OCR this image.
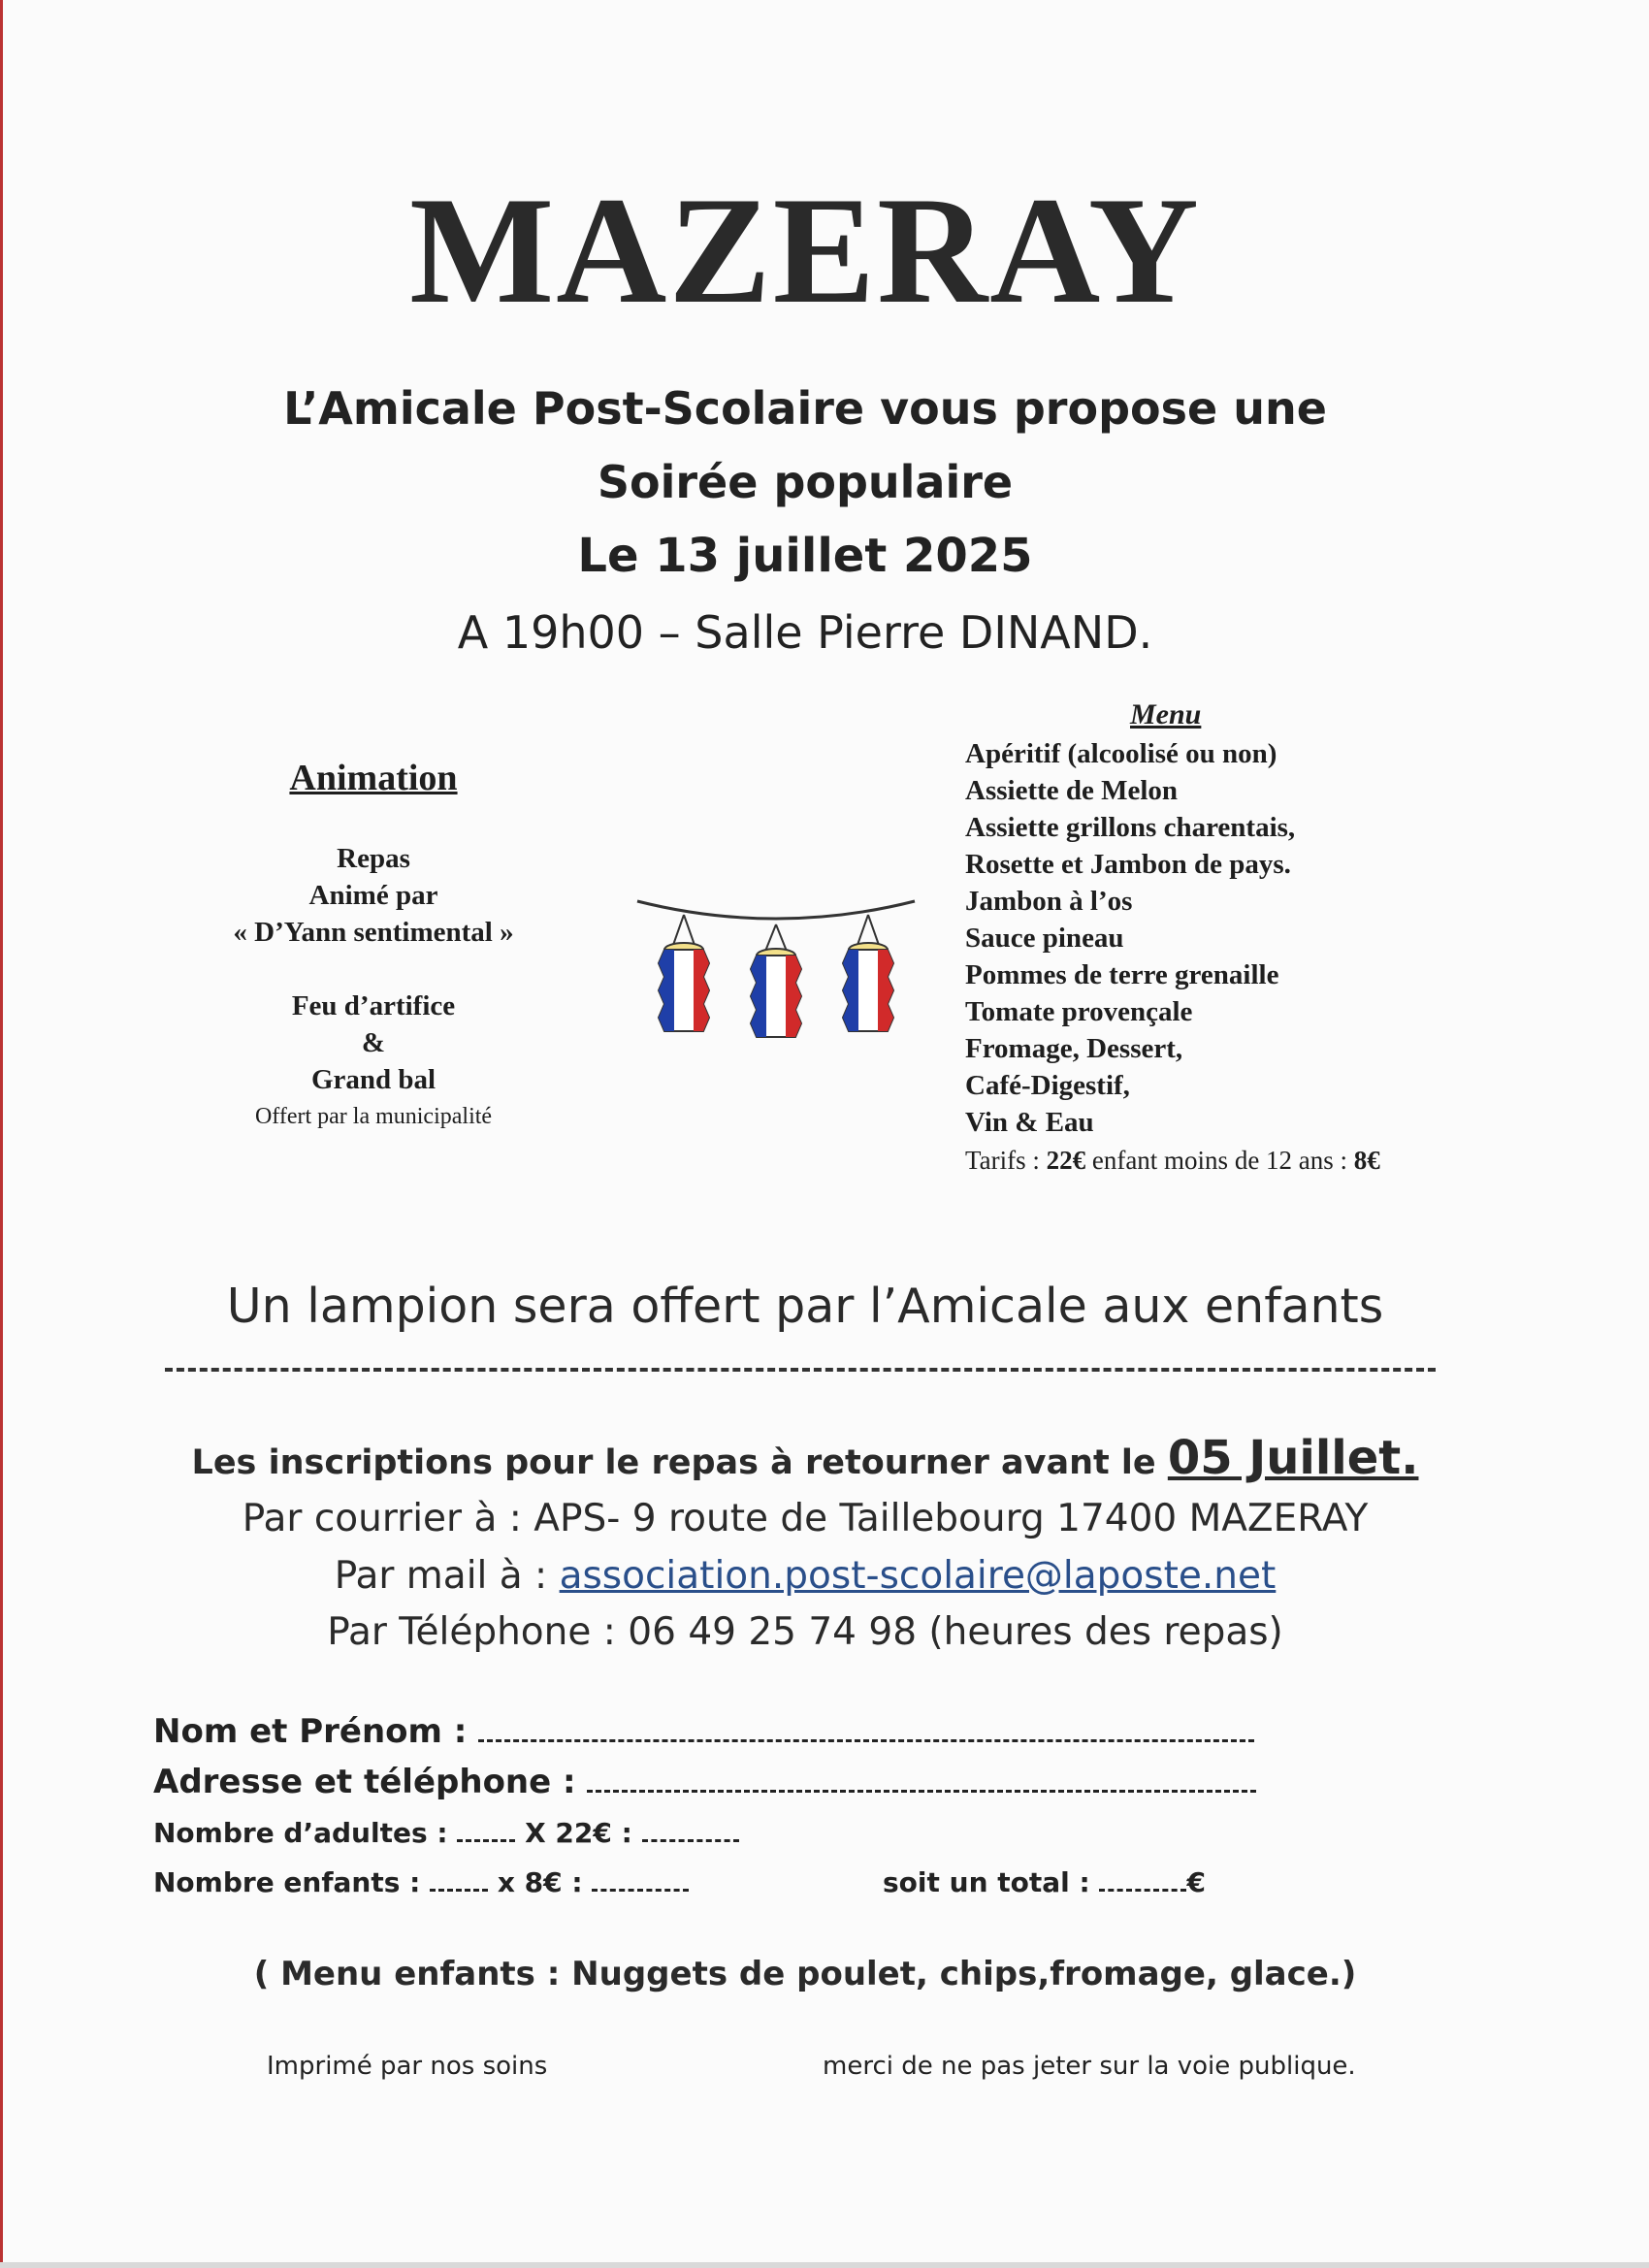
MAZERAY
L’Amicale Post-Scolaire vous propose une
Soirée populaire
Le 13 juillet 2025
A 19h00 – Salle Pierre DINAND.
Animation
Repas
Animé par
« D’Yann sentimental »
Feu d’artifice
&
Grand bal
Offert par la municipalité
Menu
Apéritif (alcoolisé ou non)
Assiette de Melon
Assiette grillons charentais,
Rosette et Jambon de pays.
Jambon à l’os
Sauce pineau
Pommes de terre grenaille
Tomate provençale
Fromage, Dessert,
Café-Digestif,
Vin & Eau
Tarifs : 22€ enfant moins de 12 ans : 8€
Un lampion sera offert par l’Amicale aux enfants
Les inscriptions pour le repas à retourner avant le 05 Juillet.
Par courrier à : APS- 9 route de Taillebourg 17400 MAZERAY
Par mail à : association.post-scolaire@laposte.net
Par Téléphone : 06 49 25 74 98 (heures des repas)
Nom et Prénom :
Adresse et téléphone :
Nombre d’adultes :	X 22€ :
Nombre enfants :	x 8€ :	soit un total :	€
( Menu enfants : Nuggets de poulet, chips,fromage, glace.)
Imprimé par nos soins	merci de ne pas jeter sur la voie publique.
